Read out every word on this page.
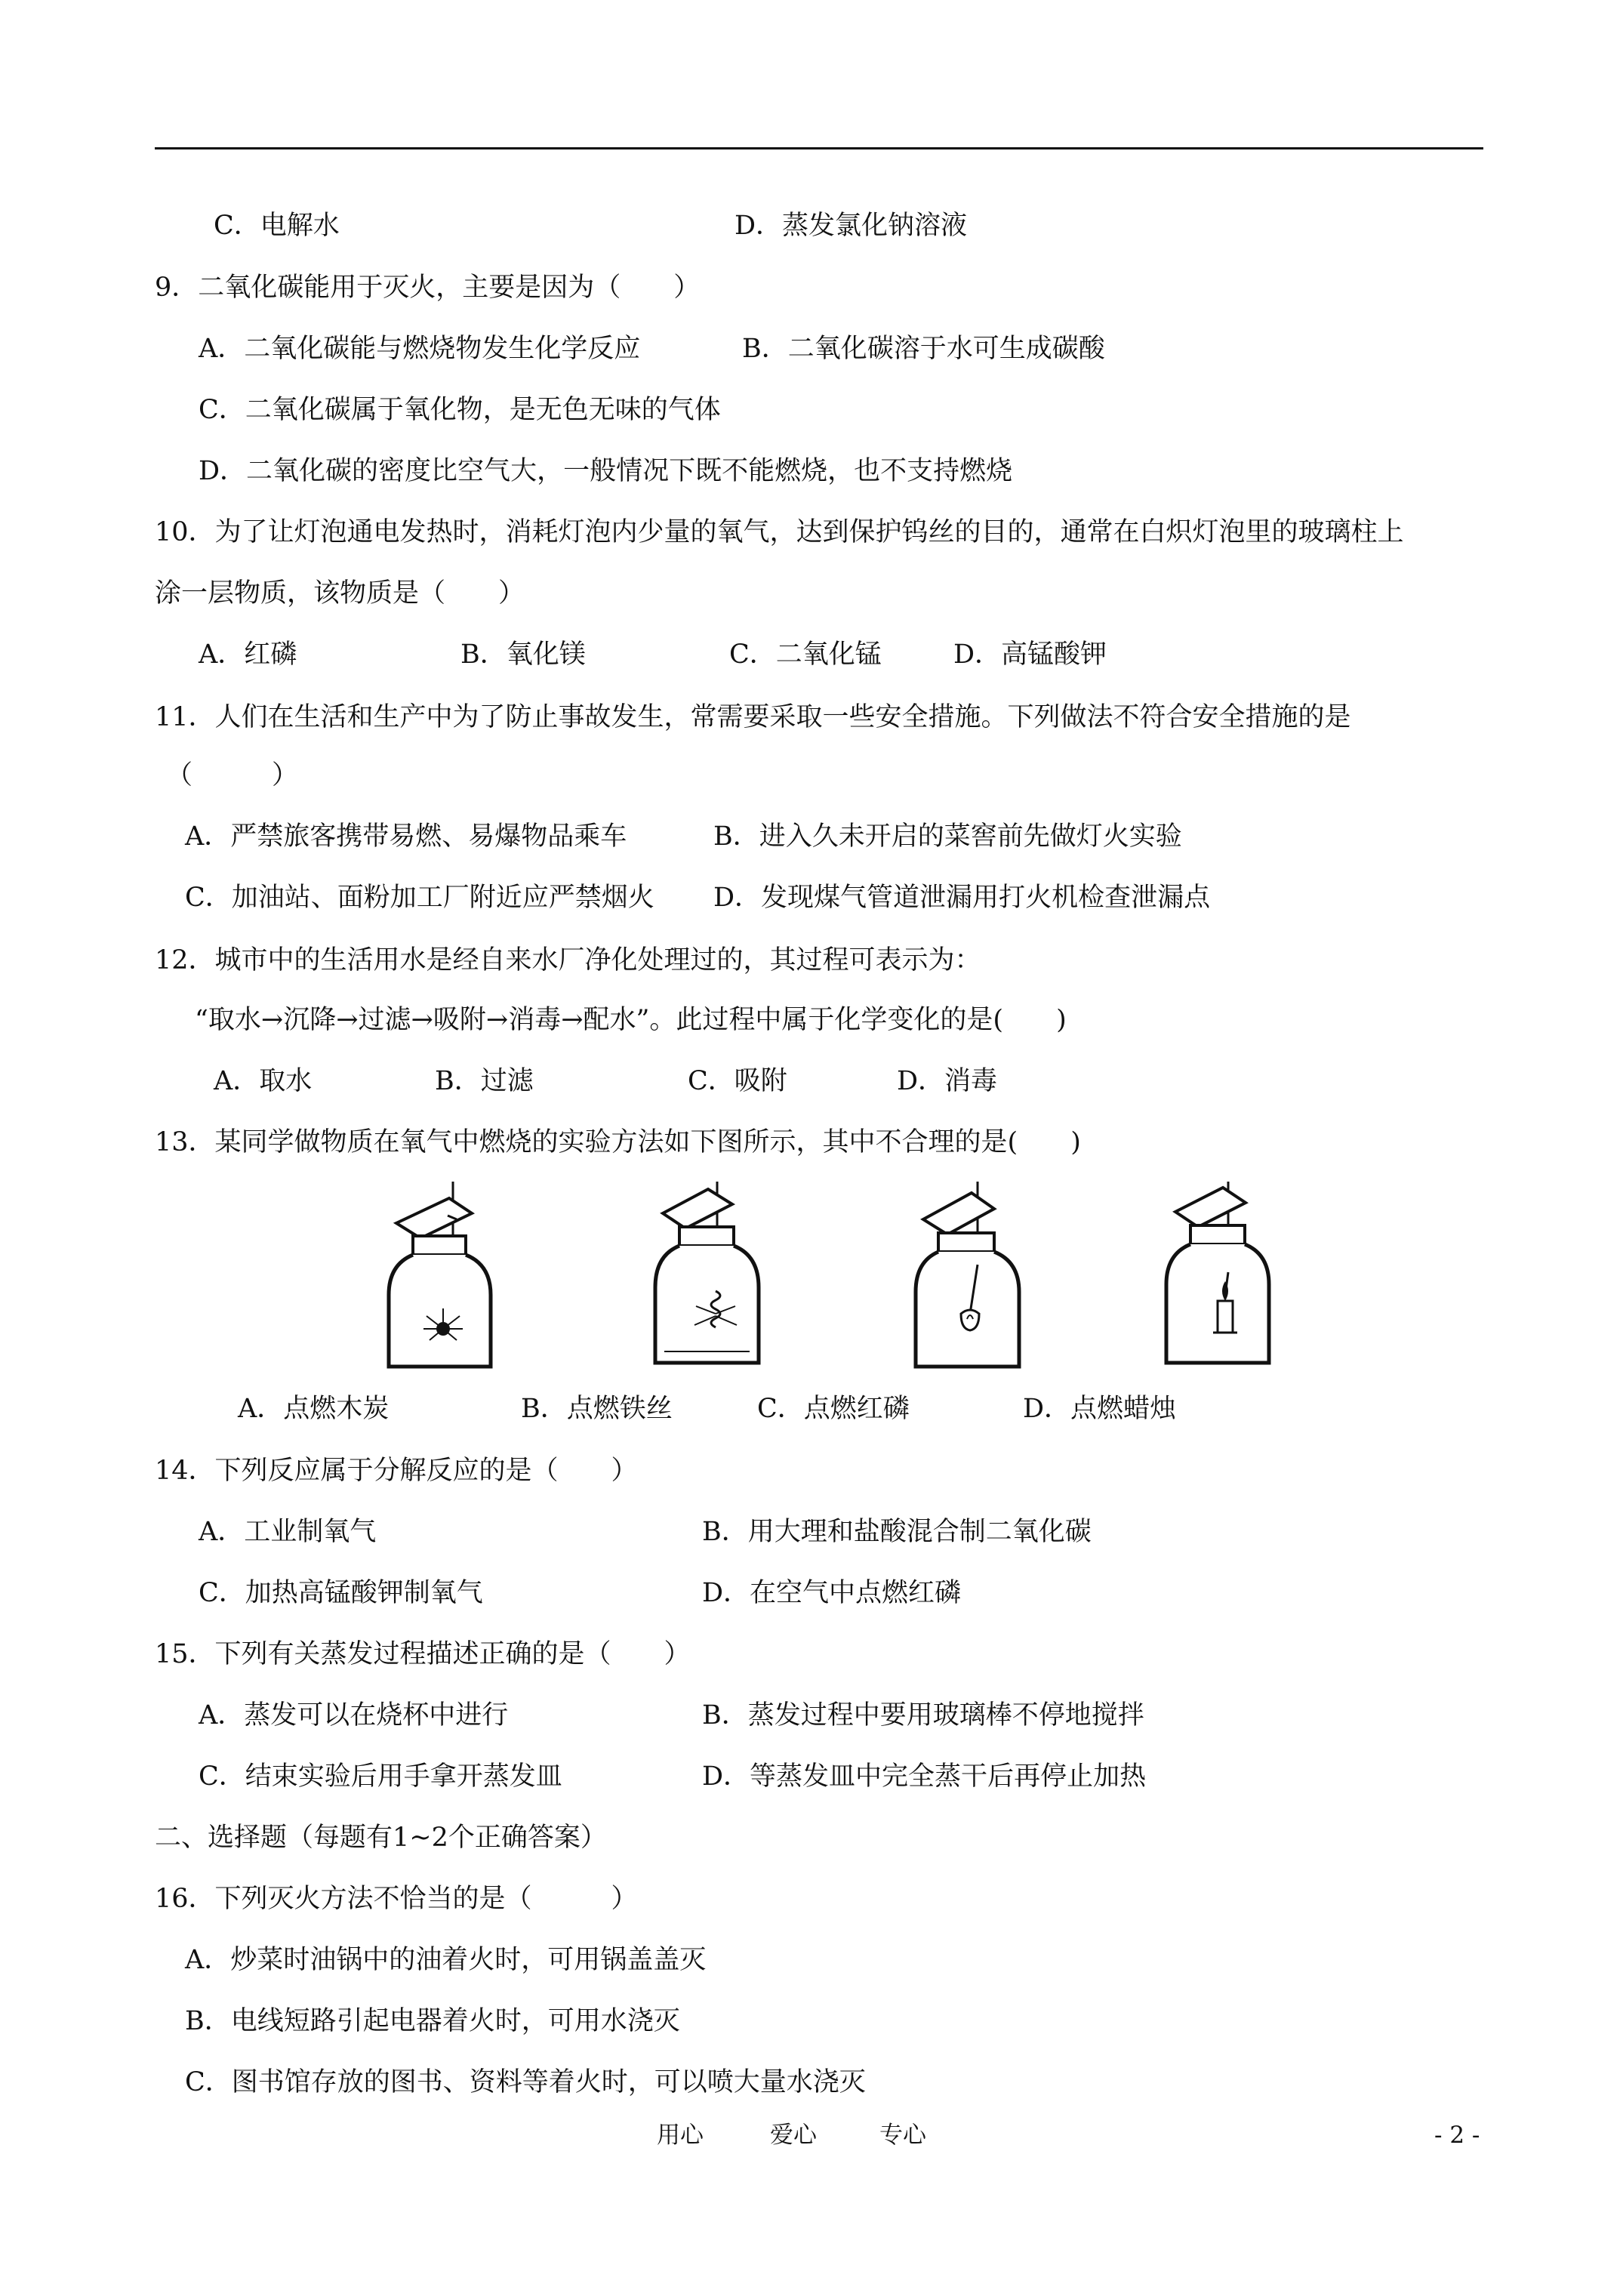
C．电解水	D．蒸发氯化钠溶液
9．二氧化碳能用于灭火，主要是因为（　　）
A．二氧化碳能与燃烧物发生化学反应	B．二氧化碳溶于水可生成碳酸
C．二氧化碳属于氧化物，是无色无味的气体
D．二氧化碳的密度比空气大，一般情况下既不能燃烧，也不支持燃烧
10．为了让灯泡通电发热时，消耗灯泡内少量的氧气，达到保护钨丝的目的，通常在白炽灯泡里的玻璃柱上
涂一层物质，该物质是（　　）
A．红磷	B．氧化镁	C．二氧化锰	D．高锰酸钾
11．人们在生活和生产中为了防止事故发生，常需要采取一些安全措施。下列做法不符合安全措施的是
（　　　）
A．严禁旅客携带易燃、易爆物品乘车	B．进入久未开启的菜窖前先做灯火实验
C．加油站、面粉加工厂附近应严禁烟火 D．发现煤气管道泄漏用打火机检查泄漏点
12．城市中的生活用水是经自来水厂净化处理过的，其过程可表示为：
“取水→沉降→过滤→吸附→消毒→配水”。此过程中属于化学变化的是(　　)
A．取水	B．过滤	C．吸附	D．消毒
13．某同学做物质在氧气中燃烧的实验方法如下图所示，其中不合理的是(　　)
A．点燃木炭	B．点燃铁丝	C．点燃红磷	D．点燃蜡烛
14．下列反应属于分解反应的是（　　）
A．工业制氧气	B．用大理和盐酸混合制二氧化碳
C．加热高锰酸钾制氧气	D．在空气中点燃红磷
15．下列有关蒸发过程描述正确的是（　　）
A．蒸发可以在烧杯中进行	B．蒸发过程中要用玻璃棒不停地搅拌
C．结束实验后用手拿开蒸发皿	D．等蒸发皿中完全蒸干后再停止加热
二、选择题（每题有1~2个正确答案）
16．下列灭火方法不恰当的是（　　　）
A．炒菜时油锅中的油着火时，可用锅盖盖灭
B．电线短路引起电器着火时，可用水浇灭
C．图书馆存放的图书、资料等着火时，可以喷大量水浇灭
用心	爱心	专心	- 2 -
